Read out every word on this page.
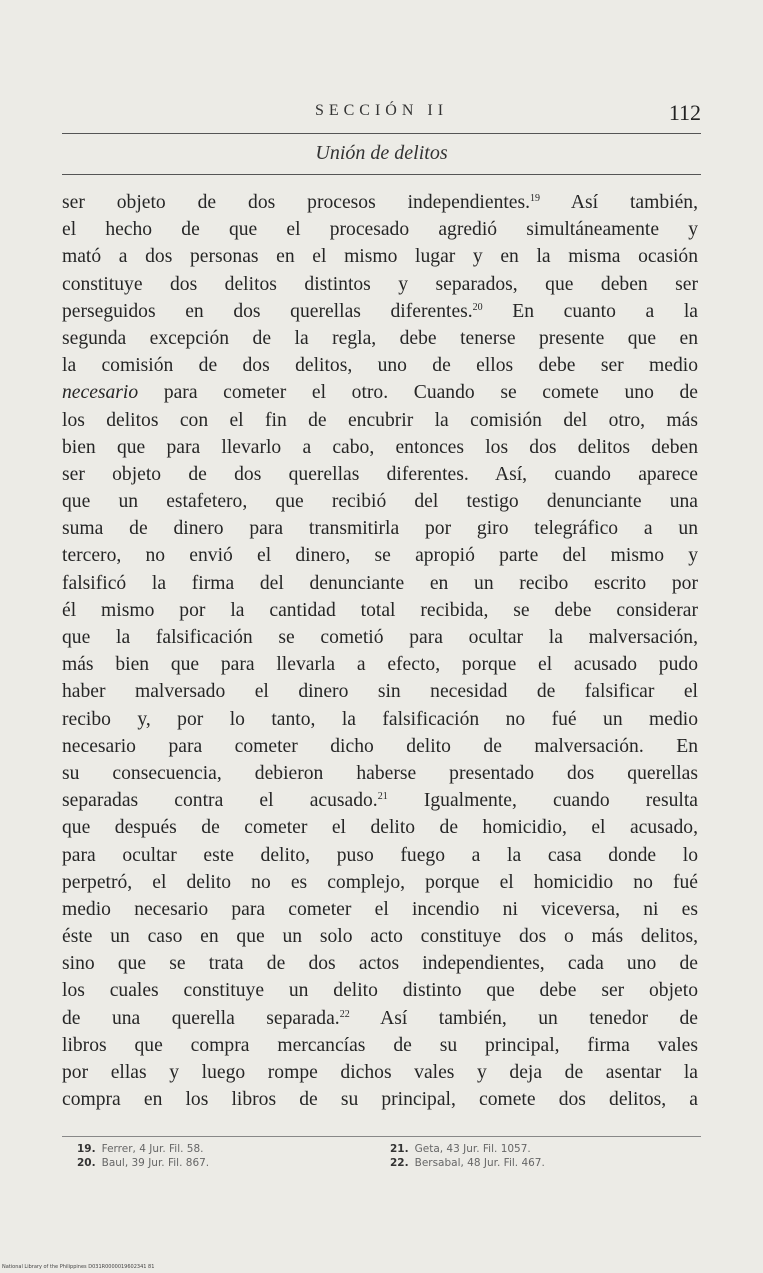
SECCIÓN II	112
Unión de delitos
ser objeto de dos procesos independientes.$^{19}$ Así también,
el hecho de que el procesado agredió simultáneamente y
mató a dos personas en el mismo lugar y en la misma ocasión
constituye dos delitos distintos y separados, que deben ser
perseguidos en dos querellas diferentes.$^{20}$ En cuanto a la
segunda excepción de la regla, debe tenerse presente que en
la comisión de dos delitos, uno de ellos debe ser medio
necesario para cometer el otro. Cuando se comete uno de
los delitos con el fin de encubrir la comisión del otro, más
bien que para llevarlo a cabo, entonces los dos delitos deben
ser objeto de dos querellas diferentes. Así, cuando aparece
que un estafetero, que recibió del testigo denunciante una
suma de dinero para transmitirla por giro telegráfico a un
tercero, no envió el dinero, se apropió parte del mismo y
falsificó la firma del denunciante en un recibo escrito por
él mismo por la cantidad total recibida, se debe considerar
que la falsificación se cometió para ocultar la malversación,
más bien que para llevarla a efecto, porque el acusado pudo
haber malversado el dinero sin necesidad de falsificar el
recibo y, por lo tanto, la falsificación no fué un medio
necesario para cometer dicho delito de malversación. En
su consecuencia, debieron haberse presentado dos querellas
separadas contra el acusado.$^{21}$ Igualmente, cuando resulta
que después de cometer el delito de homicidio, el acusado,
para ocultar este delito, puso fuego a la casa donde lo
perpetró, el delito no es complejo, porque el homicidio no fué
medio necesario para cometer el incendio ni viceversa, ni es
éste un caso en que un solo acto constituye dos o más delitos,
sino que se trata de dos actos independientes, cada uno de
los cuales constituye un delito distinto que debe ser objeto
de una querella separada.$^{22}$ Así también, un tenedor de
libros que compra mercancías de su principal, firma vales
por ellas y luego rompe dichos vales y deja de asentar la
compra en los libros de su principal, comete dos delitos, a
19. Ferrer, 4 Jur. Fil. 58.
20. Baul, 39 Jur. Fil. 867.
21. Geta, 43 Jur. Fil. 1057.
22. Bersabal, 48 Jur. Fil. 467.
National Library of the Philippines D031R0000019602341 81
